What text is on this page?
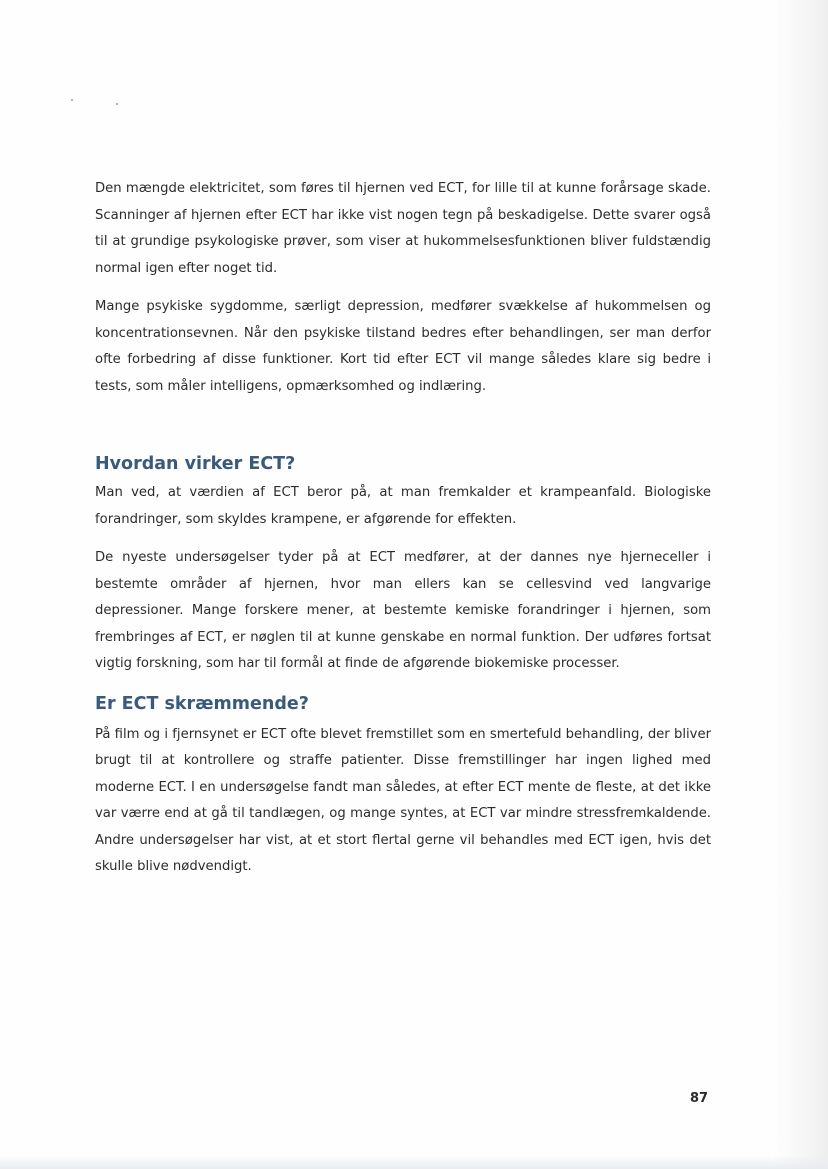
Den mængde elektricitet, som føres til hjernen ved ECT, for lille til at kunne forårsage skade. Scanninger af hjernen efter ECT har ikke vist nogen tegn på beskadigelse. Dette svarer også til at grundige psykologiske prøver, som viser at hukommelsesfunktionen bliver fuldstændig normal igen efter noget tid.

Mange psykiske sygdomme, særligt depression, medfører svækkelse af hukommelsen og koncentrationsevnen. Når den psykiske tilstand bedres efter behandlingen, ser man derfor ofte forbedring af disse funktioner. Kort tid efter ECT vil mange således klare sig bedre i tests, som måler intelligens, opmærksomhed og indlæring.

Hvordan virker ECT?

Man ved, at værdien af ECT beror på, at man fremkalder et krampeanfald. Biologiske forandringer, som skyldes krampene, er afgørende for effekten.

De nyeste undersøgelser tyder på at ECT medfører, at der dannes nye hjerneceller i bestemte områder af hjernen, hvor man ellers kan se cellesvind ved langvarige depressioner. Mange forskere mener, at bestemte kemiske forandringer i hjernen, som frembringes af ECT, er nøglen til at kunne genskabe en normal funktion. Der udføres fortsat vigtig forskning, som har til formål at finde de afgørende biokemiske processer.

Er ECT skræmmende?

På film og i fjernsynet er ECT ofte blevet fremstillet som en smertefuld behandling, der bliver brugt til at kontrollere og straffe patienter. Disse fremstillinger har ingen lighed med moderne ECT. I en undersøgelse fandt man således, at efter ECT mente de fleste, at det ikke var værre end at gå til tandlægen, og mange syntes, at ECT var mindre stressfremkaldende. Andre undersøgelser har vist, at et stort flertal gerne vil behandles med ECT igen, hvis det skulle blive nødvendigt.

87
